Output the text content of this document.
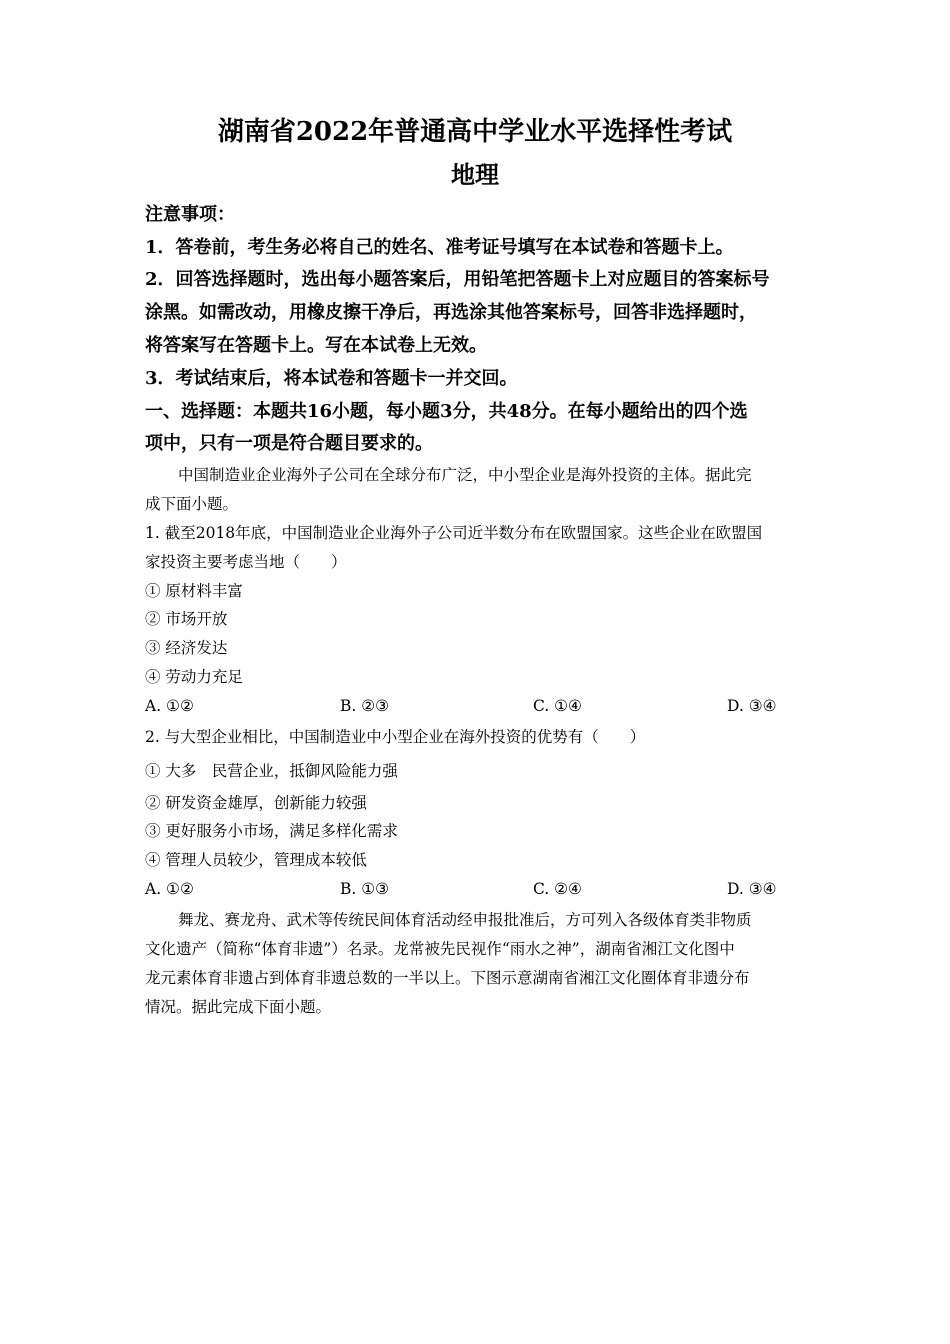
湖南省2022年普通高中学业水平选择性考试
地理
注意事项：
1．答卷前，考生务必将自己的姓名、准考证号填写在本试卷和答题卡上。
2．回答选择题时，选出每小题答案后，用铅笔把答题卡上对应题目的答案标号
涂黑。如需改动，用橡皮擦干净后，再选涂其他答案标号，回答非选择题时，
将答案写在答题卡上。写在本试卷上无效。
3．考试结束后，将本试卷和答题卡一并交回。
一、选择题：本题共16小题，每小题3分，共48分。在每小题给出的四个选
项中，只有一项是符合题目要求的。
中国制造业企业海外子公司在全球分布广泛，中小型企业是海外投资的主体。据此完
成下面小题。
1. 截至2018年底，中国制造业企业海外子公司近半数分布在欧盟国家。这些企业在欧盟国
家投资主要考虑当地（　　）
① 原材料丰富
② 市场开放
③ 经济发达
④ 劳动力充足
A. ①②	B. ②③	C. ①④	D. ③④
2. 与大型企业相比，中国制造业中小型企业在海外投资的优势有（　　）
① 大多　民营企业，抵御风险能力强
② 研发资金雄厚，创新能力较强
③ 更好服务小市场，满足多样化需求
④ 管理人员较少，管理成本较低
A. ①②	B. ①③	C. ②④	D. ③④
舞龙、赛龙舟、武术等传统民间体育活动经申报批准后，方可列入各级体育类非物质
文化遗产（简称“体育非遗”）名录。龙常被先民视作“雨水之神”，湖南省湘江文化图中
龙元素体育非遗占到体育非遗总数的一半以上。下图示意湖南省湘江文化圈体育非遗分布
情况。据此完成下面小题。
